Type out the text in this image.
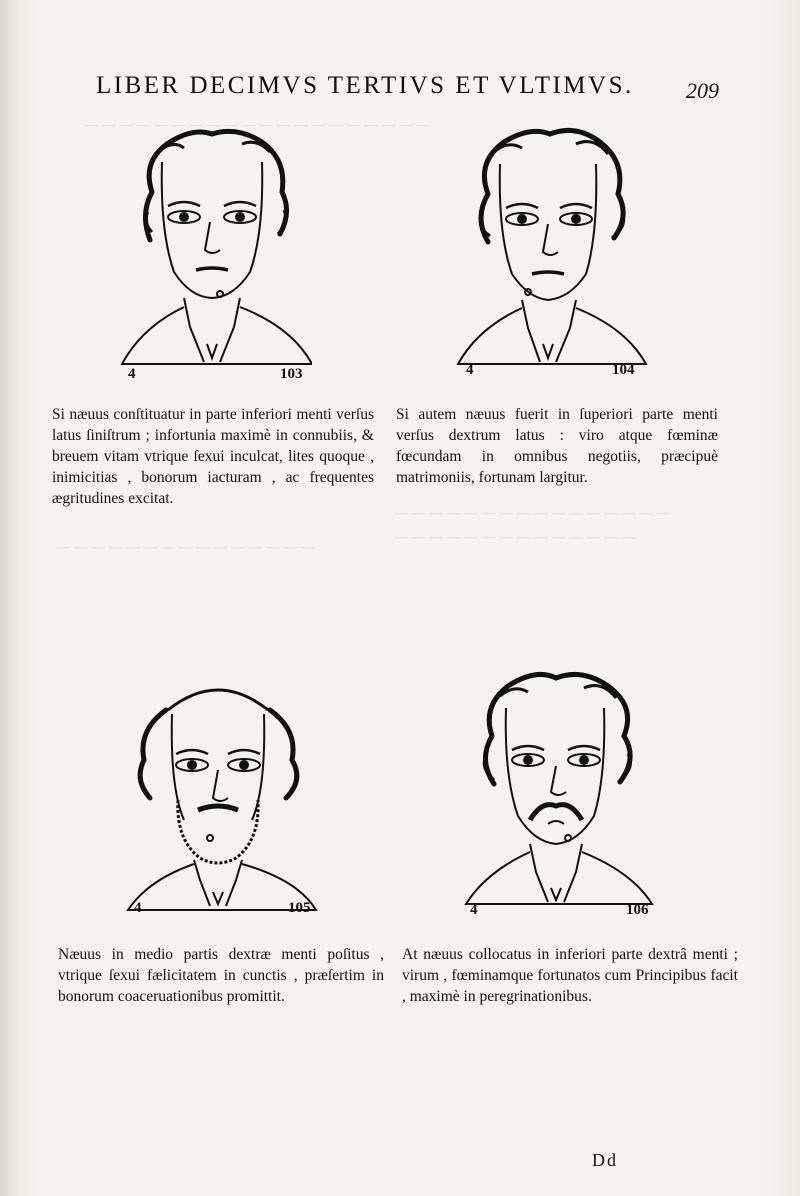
— — — — — — — — — — — — — — — — — — — —
— — — — — — — — — — — — — — — —
— — — — — — — — — — — — — —
— — — — — — — — — — — — — — —
LIBER DECIMVS TERTIVS ET VLTIMVS. 209
4	103	4	104
Si næuus conſtituatur in parte inferiori menti verſus latus ſiniſtrum ; infortunia maximè in connubiis, & breuem vitam vtrique ſexui inculcat, lites quoque , inimicitias , bonorum iacturam , ac frequentes ægritudines excitat.
Si autem næuus fuerit in ſuperiori parte menti verſus dextrum latus : viro atque fœminæ fœcundam in omnibus negotiis, præcipuè matrimoniis, fortunam largitur.
4	105	4	106
Næuus in medio partis dextræ menti poſitus , vtrique ſexui fælicitatem in cunctis , præſertim in bonorum coaceruationibus promittit.
At næuus collocatus in inferiori parte dextrâ menti ; virum , fœminamque fortunatos cum Principibus facit , maximè in peregrinationibus.
Dd
